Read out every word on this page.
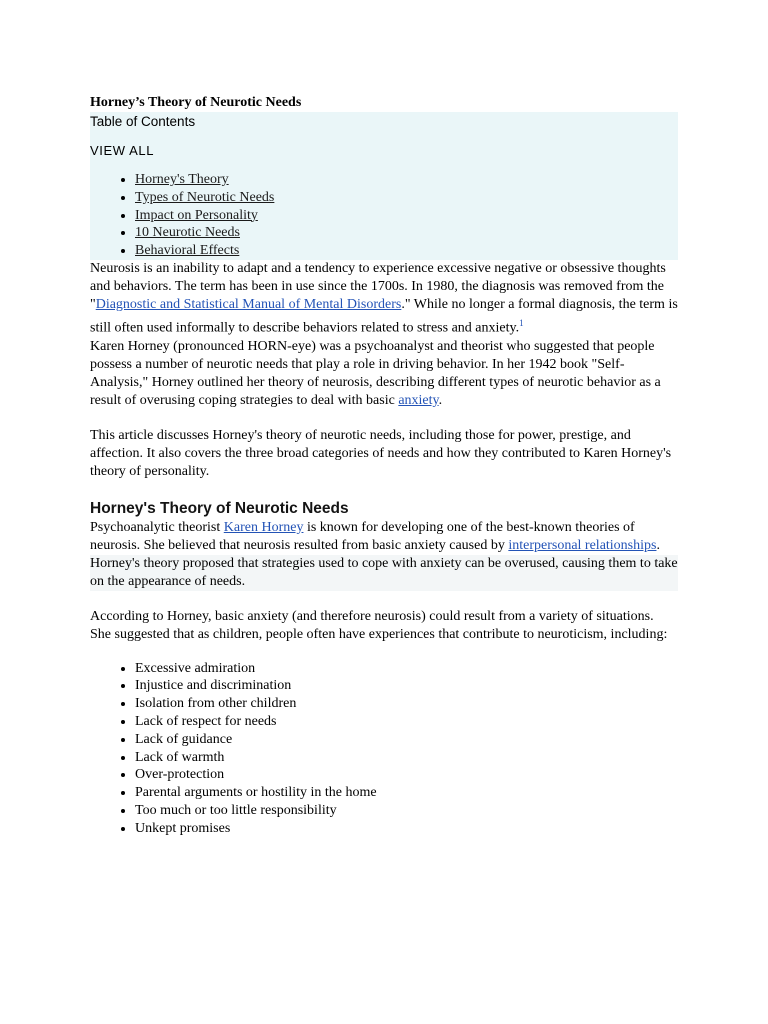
Horney’s Theory of Neurotic Needs
Table of Contents
VIEW ALL
• Horney's Theory
• Types of Neurotic Needs
• Impact on Personality
• 10 Neurotic Needs
• Behavioral Effects

Neurosis is an inability to adapt and a tendency to experience excessive negative or obsessive thoughts and behaviors. The term has been in use since the 1700s. In 1980, the diagnosis was removed from the "Diagnostic and Statistical Manual of Mental Disorders." While no longer a formal diagnosis, the term is still often used informally to describe behaviors related to stress and anxiety.$^1$

Karen Horney (pronounced HORN-eye) was a psychoanalyst and theorist who suggested that people possess a number of neurotic needs that play a role in driving behavior. In her 1942 book "Self-Analysis," Horney outlined her theory of neurosis, describing different types of neurotic behavior as a result of overusing coping strategies to deal with basic anxiety.

This article discusses Horney's theory of neurotic needs, including those for power, prestige, and affection. It also covers the three broad categories of needs and how they contributed to Karen Horney's theory of personality.

Horney's Theory of Neurotic Needs

Psychoanalytic theorist Karen Horney is known for developing one of the best-known theories of neurosis. She believed that neurosis resulted from basic anxiety caused by interpersonal relationships.

Horney's theory proposed that strategies used to cope with anxiety can be overused, causing them to take on the appearance of needs.

According to Horney, basic anxiety (and therefore neurosis) could result from a variety of situations. She suggested that as children, people often have experiences that contribute to neuroticism, including:

• Excessive admiration
• Injustice and discrimination
• Isolation from other children
• Lack of respect for needs
• Lack of guidance
• Lack of warmth
• Over-protection
• Parental arguments or hostility in the home
• Too much or too little responsibility
• Unkept promises
